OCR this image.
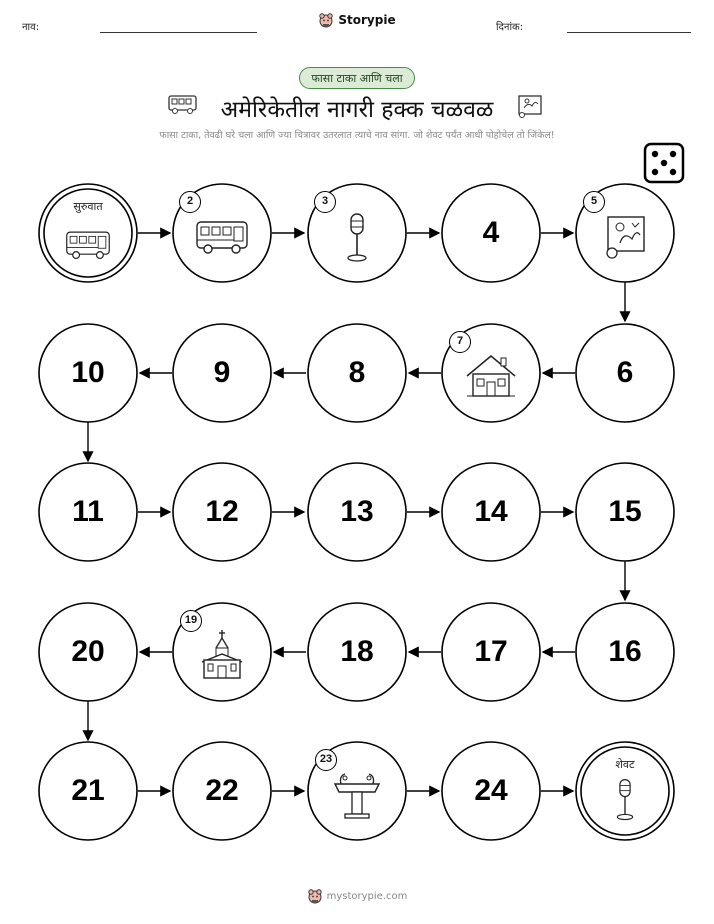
नाव:
Storypie
दिनांक:
फासा टाका आणि चला
अमेरिकेतील नागरी हक्क चळवळ
फासा टाका, तेवढी घरे चला आणि ज्या चित्रावर उतरलात त्याचे नाव सांगा. जो शेवट पर्यंत आधी पोहोचेल तो जिंकेल!
सुरुवात
शेवट
4
6
8
9
10
11	12	13	14	15
16
17
18
20
21	22	24
2	3	5
7
19
23
mystorypie.com
